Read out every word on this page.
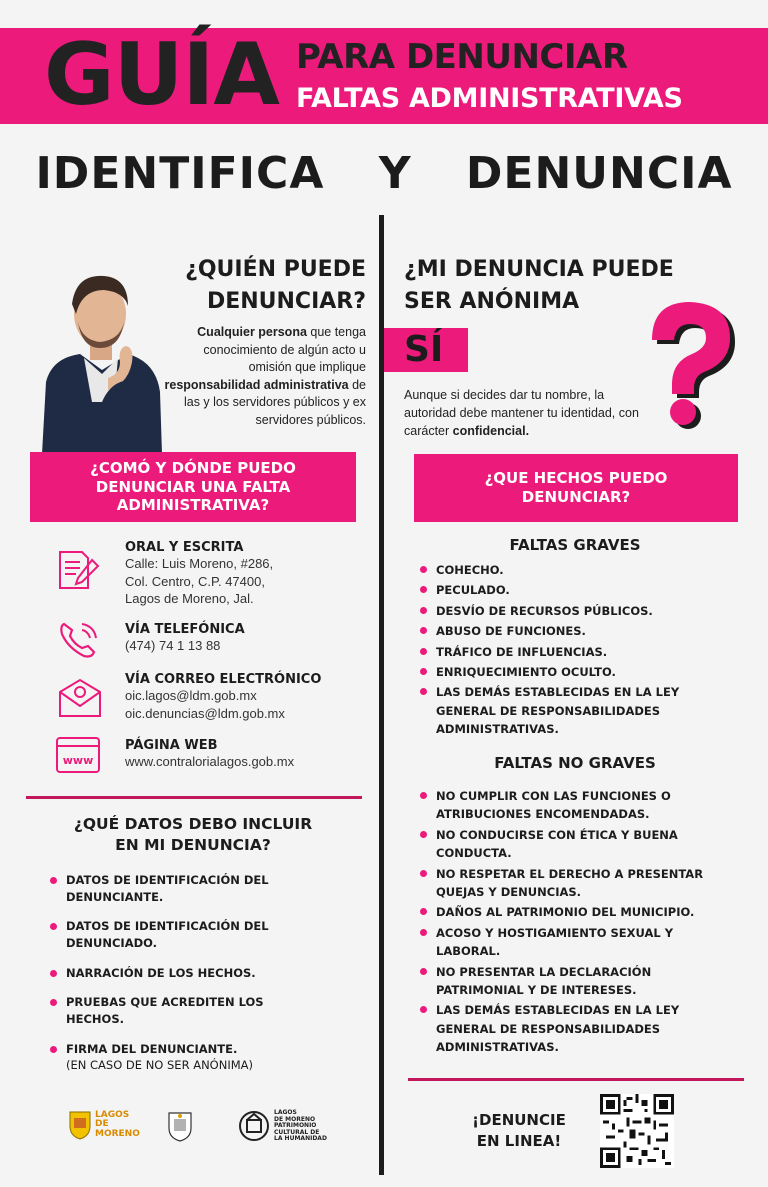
GUÍA PARA DENUNCIAR
FALTAS ADMINISTRATIVAS
IDENTIFICA Y DENUNCIA
¿QUIÉN PUEDE
DENUNCIAR?
Cualquier persona que tenga conocimiento de algún acto u omisión que implique responsabilidad administrativa de las y los servidores públicos y ex servidores públicos.
¿MI DENUNCIA PUEDE
SER ANÓNIMA
SÍ
Aunque si decides dar tu nombre, la autoridad debe mantener tu identidad, con carácter confidencial.
¿COMÓ Y DÓNDE PUEDO
DENUNCIAR UNA FALTA
ADMINISTRATIVA?
ORAL Y ESCRITA
Calle: Luis Moreno, #286,
Col. Centro, C.P. 47400,
Lagos de Moreno, Jal.
VÍA TELEFÓNICA
(474) 74 1 13 88
VÍA CORREO ELECTRÓNICO
oic.lagos@ldm.gob.mx
oic.denuncias@ldm.gob.mx
www
PÁGINA WEB
www.contralorialagos.gob.mx
¿QUÉ DATOS DEBO INCLUIR
EN MI DENUNCIA?
DATOS DE IDENTIFICACIÓN DEL DENUNCIANTE.
DATOS DE IDENTIFICACIÓN DEL DENUNCIADO.
NARRACIÓN DE LOS HECHOS.
PRUEBAS QUE ACREDITEN LOS HECHOS.
FIRMA DEL DENUNCIANTE.
(EN CASO DE NO SER ANÓNIMA)
¿QUE HECHOS PUEDO
DENUNCIAR?
FALTAS GRAVES
COHECHO.
PECULADO.
DESVÍO DE RECURSOS PÚBLICOS.
ABUSO DE FUNCIONES.
TRÁFICO DE INFLUENCIAS.
ENRIQUECIMIENTO OCULTO.
LAS DEMÁS ESTABLECIDAS EN LA LEY GENERAL DE RESPONSABILIDADES ADMINISTRATIVAS.
FALTAS NO GRAVES
NO CUMPLIR CON LAS FUNCIONES O ATRIBUCIONES ENCOMENDADAS.
NO CONDUCIRSE CON ÉTICA Y BUENA CONDUCTA.
NO RESPETAR EL DERECHO A PRESENTAR QUEJAS Y DENUNCIAS.
DAÑOS AL PATRIMONIO DEL MUNICIPIO.
ACOSO Y HOSTIGAMIENTO SEXUAL Y LABORAL.
NO PRESENTAR LA DECLARACIÓN PATRIMONIAL Y DE INTERESES.
LAS DEMÁS ESTABLECIDAS EN LA LEY GENERAL DE RESPONSABILIDADES ADMINISTRATIVAS.
LAGOS DE MORENO
LAGOS
DE MORENO
PATRIMONIO
CULTURAL DE
LA HUMANIDAD
¡DENUNCIE
EN LINEA!
